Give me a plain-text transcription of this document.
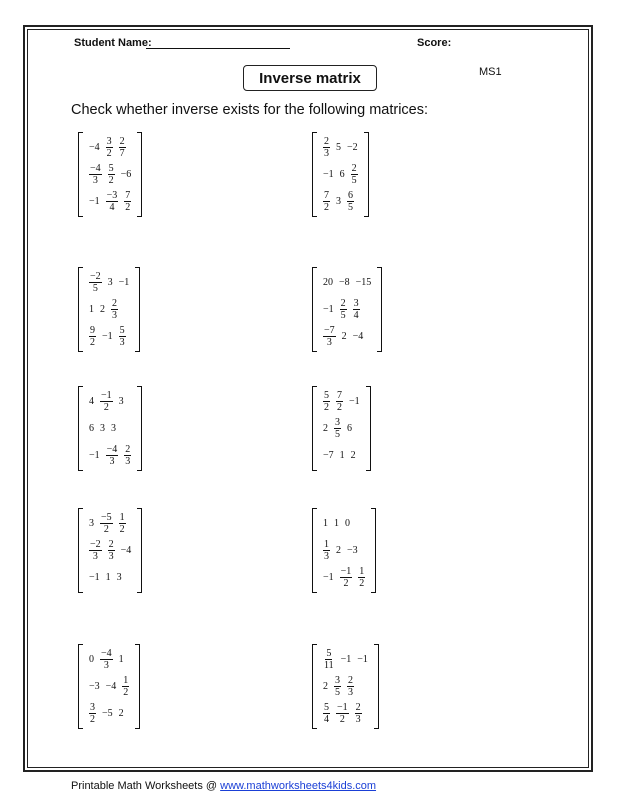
Student Name:	Score:
Inverse matrix	MS1
Check whether inverse exists for the following matrices:
$-4 \frac{3}{2} \frac{2}{7}$
$\frac{-4}{3} \frac{5}{2} -6$
$-1 \frac{-3}{4} \frac{7}{2}$
$\frac{2}{3} 5 -2$
−1 $6 \frac{2}{5}$
$\frac{7}{2} 3 \frac{6}{5}$
$\frac{-2}{5} 3 -1$
1 $2 \frac{2}{3}$
$\frac{9}{2} -1 \frac{5}{3}$
20 −8 −15
$-1 \frac{2}{5} \frac{3}{4}$
$\frac{-7}{3} 2 -4$
$4 \frac{-1}{2} 3$
6 3 3
$-1 \frac{-4}{3} \frac{2}{3}$
$\frac{5}{2} \frac{7}{2} -1$
$2 \frac{3}{5} 6$
−7 1 2
$3 \frac{-5}{2} \frac{1}{2}$
$\frac{-2}{3} \frac{2}{3} -4$
−1 1 3
1 1 0
$\frac{1}{3} 2 -3$
$-1 \frac{-1}{2} \frac{1}{2}$
$0 \frac{-4}{3} 1$
$-3 -4 \frac{1}{2}$
$\frac{3}{2} -5$ 2
$\frac{5}{11} -1 -1$
$2 \frac{3}{5} \frac{2}{3}$
$\frac{5}{4} \frac{-1}{2} \frac{2}{3}$
Printable Math Worksheets @ www.mathworksheets4kids.com
